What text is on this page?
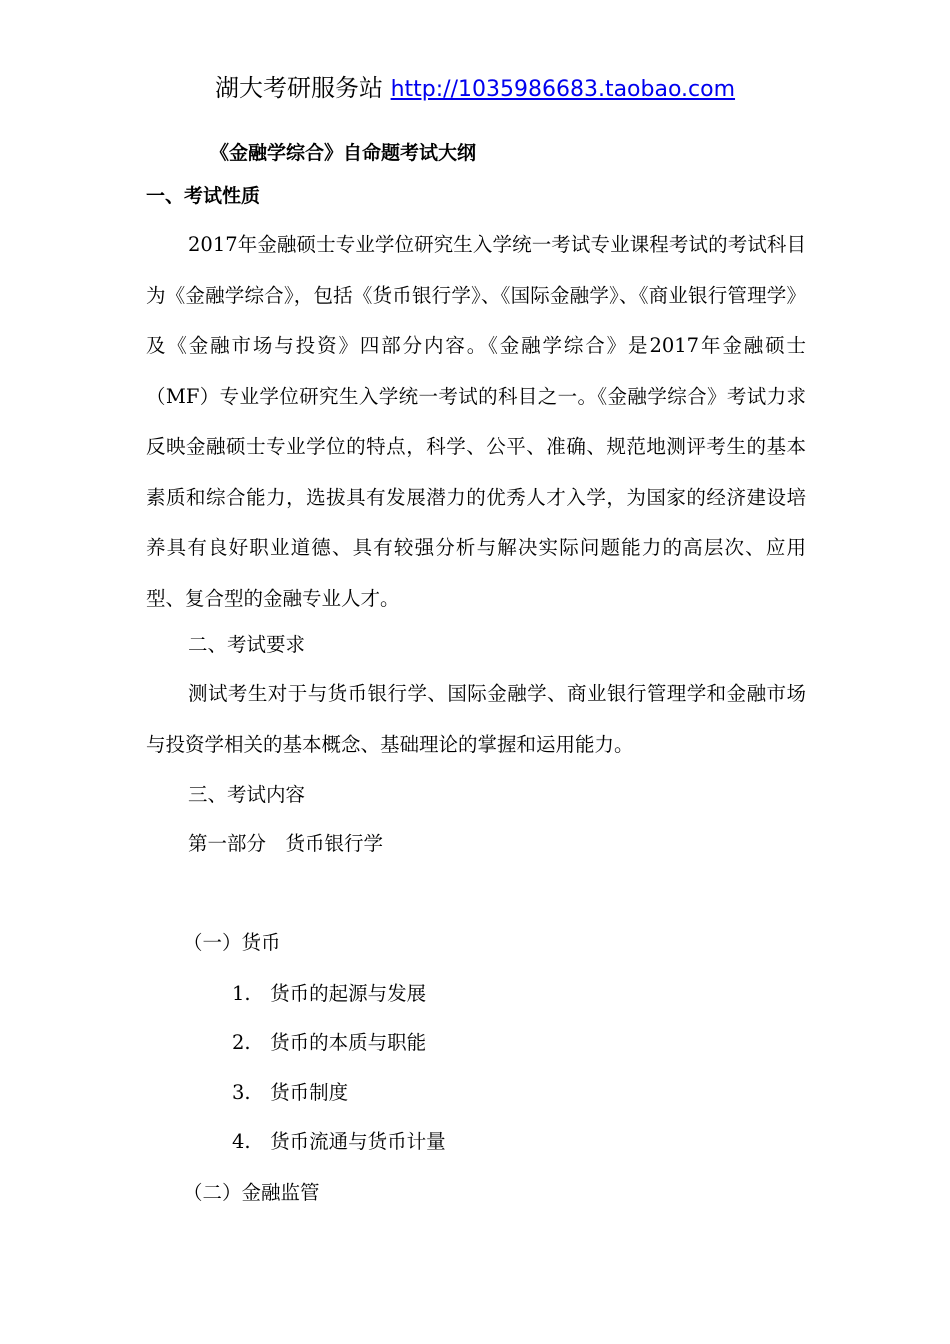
湖大考研服务站 http://1035986683.taobao.com
《金融学综合》自命题考试大纲
一、考试性质

2017年金融硕士专业学位研究生入学统一考试专业课程考试的考试科目为《金融学综合》，包括《货币银行学》、《国际金融学》、《商业银行管理学》及《金融市场与投资》四部分内容。《金融学综合》是2017年金融硕士（MF）专业学位研究生入学统一考试的科目之一。《金融学综合》考试力求反映金融硕士专业学位的特点，科学、公平、准确、规范地测评考生的基本素质和综合能力，选拔具有发展潜力的优秀人才入学，为国家的经济建设培养具有良好职业道德、具有较强分析与解决实际问题能力的高层次、应用型、复合型的金融专业人才。

二、考试要求

测试考生对于与货币银行学、国际金融学、商业银行管理学和金融市场与投资学相关的基本概念、基础理论的掌握和运用能力。

三、考试内容
第一部分　货币银行学
（一）货币
1.　货币的起源与发展
2.　货币的本质与职能
3.　货币制度
4.　货币流通与货币计量
（二）金融监管
